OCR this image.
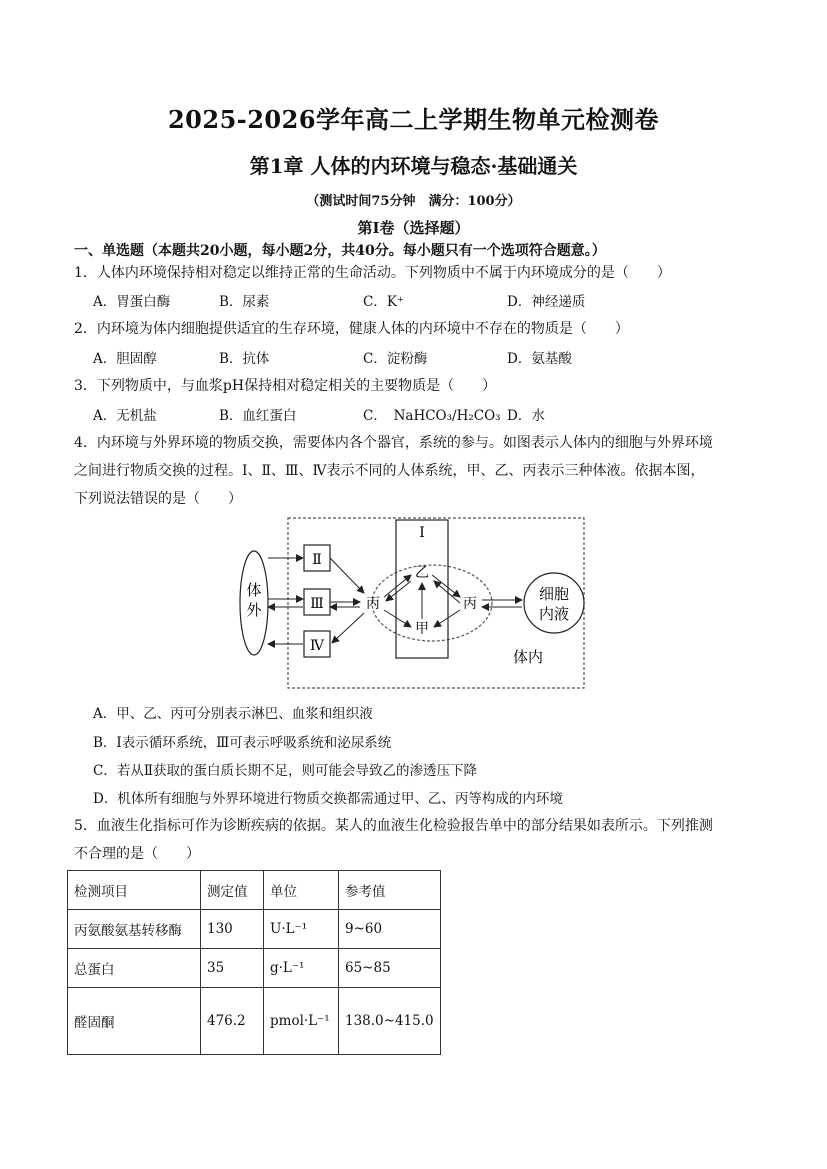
2025-2026学年高二上学期生物单元检测卷
第1章 人体的内环境与稳态·基础通关
（测试时间75分钟　满分：100分）
第Ⅰ卷（选择题）
一、单选题（本题共20小题，每小题2分，共40分。每小题只有一个选项符合题意。）
1．人体内环境保持相对稳定以维持正常的生命活动。下列物质中不属于内环境成分的是（　　）
A．胃蛋白酶	B．尿素	C．K⁺	D．神经递质
2．内环境为体内细胞提供适宜的生存环境，健康人体的内环境中不存在的物质是（　　）
A．胆固醇	B．抗体	C．淀粉酶	D．氨基酸
3．下列物质中，与血浆pH保持相对稳定相关的主要物质是（　　）
A．无机盐	B．血红蛋白	C．　NaHCO₃/H₂CO₃ D．水
4．内环境与外界环境的物质交换，需要体内各个器官，系统的参与。如图表示人体内的细胞与外界环境
之间进行物质交换的过程。Ⅰ、Ⅱ、Ⅲ、Ⅳ表示不同的人体系统，甲、乙、丙表示三种体液。依据本图，
下列说法错误的是（　　）
体
Ⅱ
Ⅲ
Ⅳ
Ⅰ
丙
乙
甲
丙
细胞
内液
外
体内
A．甲、乙、丙可分别表示淋巴、血浆和组织液
B．Ⅰ表示循环系统，Ⅲ可表示呼吸系统和泌尿系统
C．若从Ⅱ获取的蛋白质长期不足，则可能会导致乙的渗透压下降
D．机体所有细胞与外界环境进行物质交换都需通过甲、乙、丙等构成的内环境
5．血液生化指标可作为诊断疾病的依据。某人的血液生化检验报告单中的部分结果如表所示。下列推测
不合理的是（　　）
检测项目	测定值	单位	参考值
丙氨酸氨基转移酶	130	U·L⁻¹	9~60
总蛋白	35	g·L⁻¹	65~85
醛固酮	476.2	pmol·L⁻¹	138.0~415.0
